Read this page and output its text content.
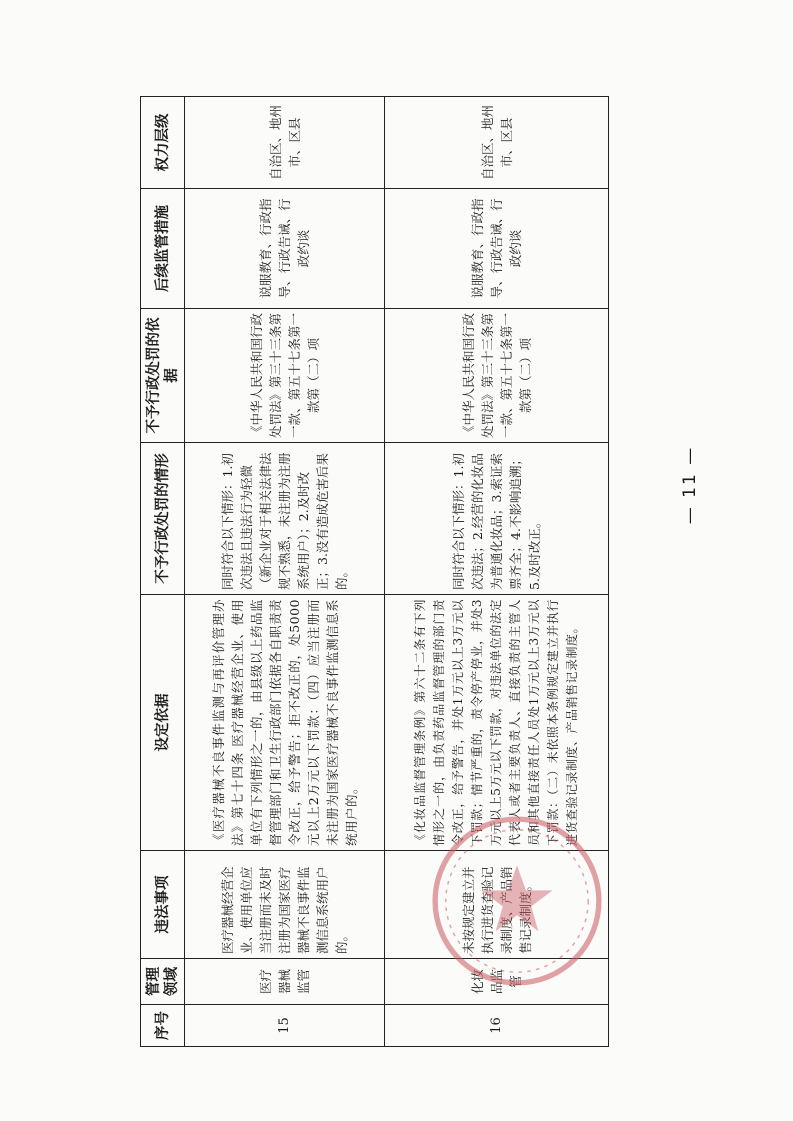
序号	管理领域	违法事项	设定依据	不予行政处罚的情形	不予行政处罚的依据	后续监管措施	权力层级
15	医疗器械监管	医疗器械经营企业、使用单位应当注册而未及时注册为国家医疗器械不良事件监测信息系统用户的。	《医疗器械不良事件监测与再评价管理办法》第七十四条 医疗器械经营企业、使用单位有下列情形之一的，由县级以上药品监督管理部门和卫生行政部门依据各自职责责令改正，给予警告；拒不改正的，处5000元以上2万元以下罚款：（四）应当注册而未注册为国家医疗器械不良事件监测信息系统用户的。	同时符合以下情形：1.初次违法且违法行为轻微（新企业对于相关法律法规不熟悉，未注册为注册系统用户）；2.及时改正；3.没有造成危害后果的。	《中华人民共和国行政处罚法》第三十三条第一款、第五十七条第一款第（二）项	说服教育、行政指导、行政告诫、行政约谈	自治区、地州市、区县
16	化妆品监管	未按规定建立并执行进货查验记录制度、产品销售记录制度。	《化妆品监督管理条例》第六十二条有下列情形之一的，由负责药品监督管理的部门责令改正，给予警告，并处1万元以上3万元以下罚款；情节严重的，责令停产停业，并处3万元以上5万元以下罚款，对违法单位的法定代表人或者主要负责人、直接负责的主管人员和其他直接责任人员处1万元以上3万元以下罚款：（二）未依照本条例规定建立并执行进货查验记录制度、产品销售记录制度。	同时符合以下情形：1.初次违法；2.经营的化妆品为普通化妆品；3.索证索票齐全；4.不影响追溯；5.及时改正。	《中华人民共和国行政处罚法》第三十三条第一款、第五十七条第一款第（二）项	说服教育、行政指导、行政告诫、行政约谈	自治区、地州市、区县
— 11 —
